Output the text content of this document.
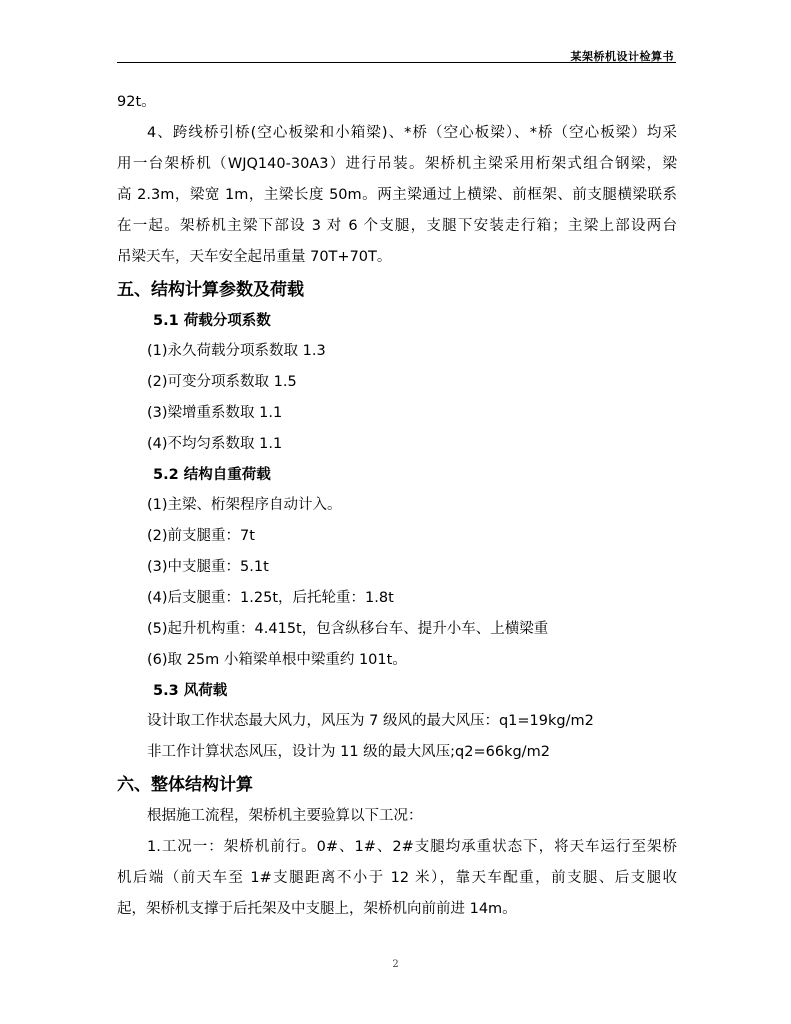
某架桥机设计检算书
92t。
4、跨线桥引桥(空心板梁和小箱梁)、*桥（空心板梁）、*桥（空心板梁）均采
用一台架桥机（WJQ140-30A3）进行吊装。架桥机主梁采用桁架式组合钢梁，梁
高 2.3m，梁宽 1m，主梁长度 50m。两主梁通过上横梁、前框架、前支腿横梁联系
在一起。架桥机主梁下部设 3 对 6 个支腿，支腿下安装走行箱；主梁上部设两台
吊梁天车，天车安全起吊重量 70T+70T。
五、结构计算参数及荷载
5.1 荷载分项系数
(1)永久荷载分项系数取 1.3
(2)可变分项系数取 1.5
(3)梁增重系数取 1.1
(4)不均匀系数取 1.1
5.2 结构自重荷载
(1)主梁、桁架程序自动计入。
(2)前支腿重：7t
(3)中支腿重：5.1t
(4)后支腿重：1.25t，后托轮重：1.8t
(5)起升机构重：4.415t，包含纵移台车、提升小车、上横梁重
(6)取 25m 小箱梁单根中梁重约 101t。
5.3 风荷载
设计取工作状态最大风力，风压为 7 级风的最大风压：q1=19kg/m2
非工作计算状态风压，设计为 11 级的最大风压;q2=66kg/m2
六、整体结构计算
根据施工流程，架桥机主要验算以下工况：
1.工况一：架桥机前行。0#、1#、2#支腿均承重状态下，将天车运行至架桥
机后端（前天车至 1#支腿距离不小于 12 米），靠天车配重，前支腿、后支腿收
起，架桥机支撑于后托架及中支腿上，架桥机向前前进 14m。
2
